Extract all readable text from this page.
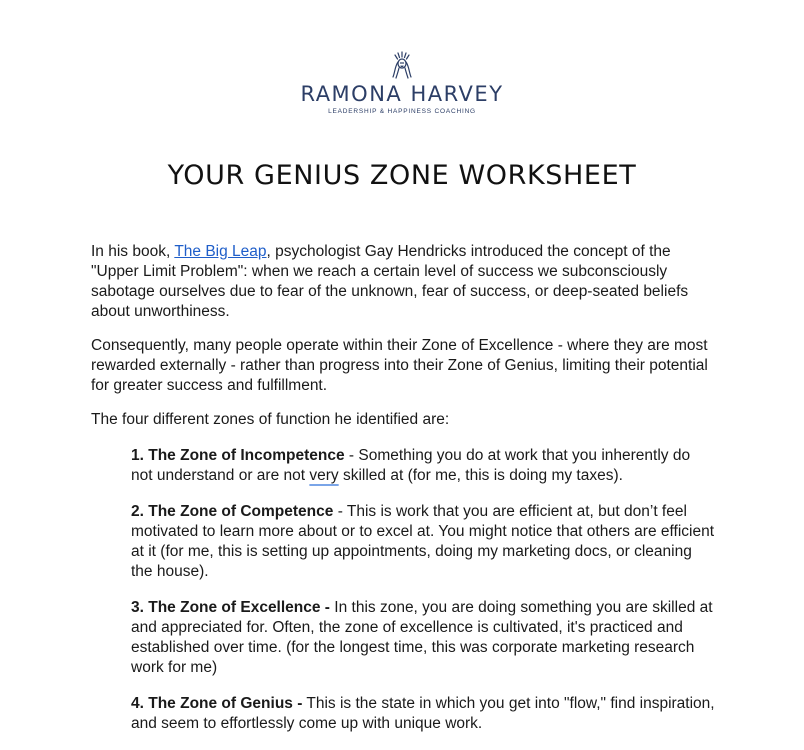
RAMONA HARVEY
LEADERSHIP & HAPPINESS COACHING
YOUR GENIUS ZONE WORKSHEET

In his book, The Big Leap, psychologist Gay Hendricks introduced the concept of the "Upper Limit Problem": when we reach a certain level of success we subconsciously sabotage ourselves due to fear of the unknown, fear of success, or deep-seated beliefs about unworthiness.

Consequently, many people operate within their Zone of Excellence - where they are most rewarded externally - rather than progress into their Zone of Genius, limiting their potential for greater success and fulfillment.

The four different zones of function he identified are:

1. The Zone of Incompetence - Something you do at work that you inherently do not understand or are not very skilled at (for me, this is doing my taxes).
2. The Zone of Competence - This is work that you are efficient at, but don’t feel motivated to learn more about or to excel at. You might notice that others are efficient at it (for me, this is setting up appointments, doing my marketing docs, or cleaning the house).
3. The Zone of Excellence - In this zone, you are doing something you are skilled at and appreciated for. Often, the zone of excellence is cultivated, it's practiced and established over time. (for the longest time, this was corporate marketing research work for me)
4. The Zone of Genius - This is the state in which you get into "flow," find inspiration, and seem to effortlessly come up with unique work.
